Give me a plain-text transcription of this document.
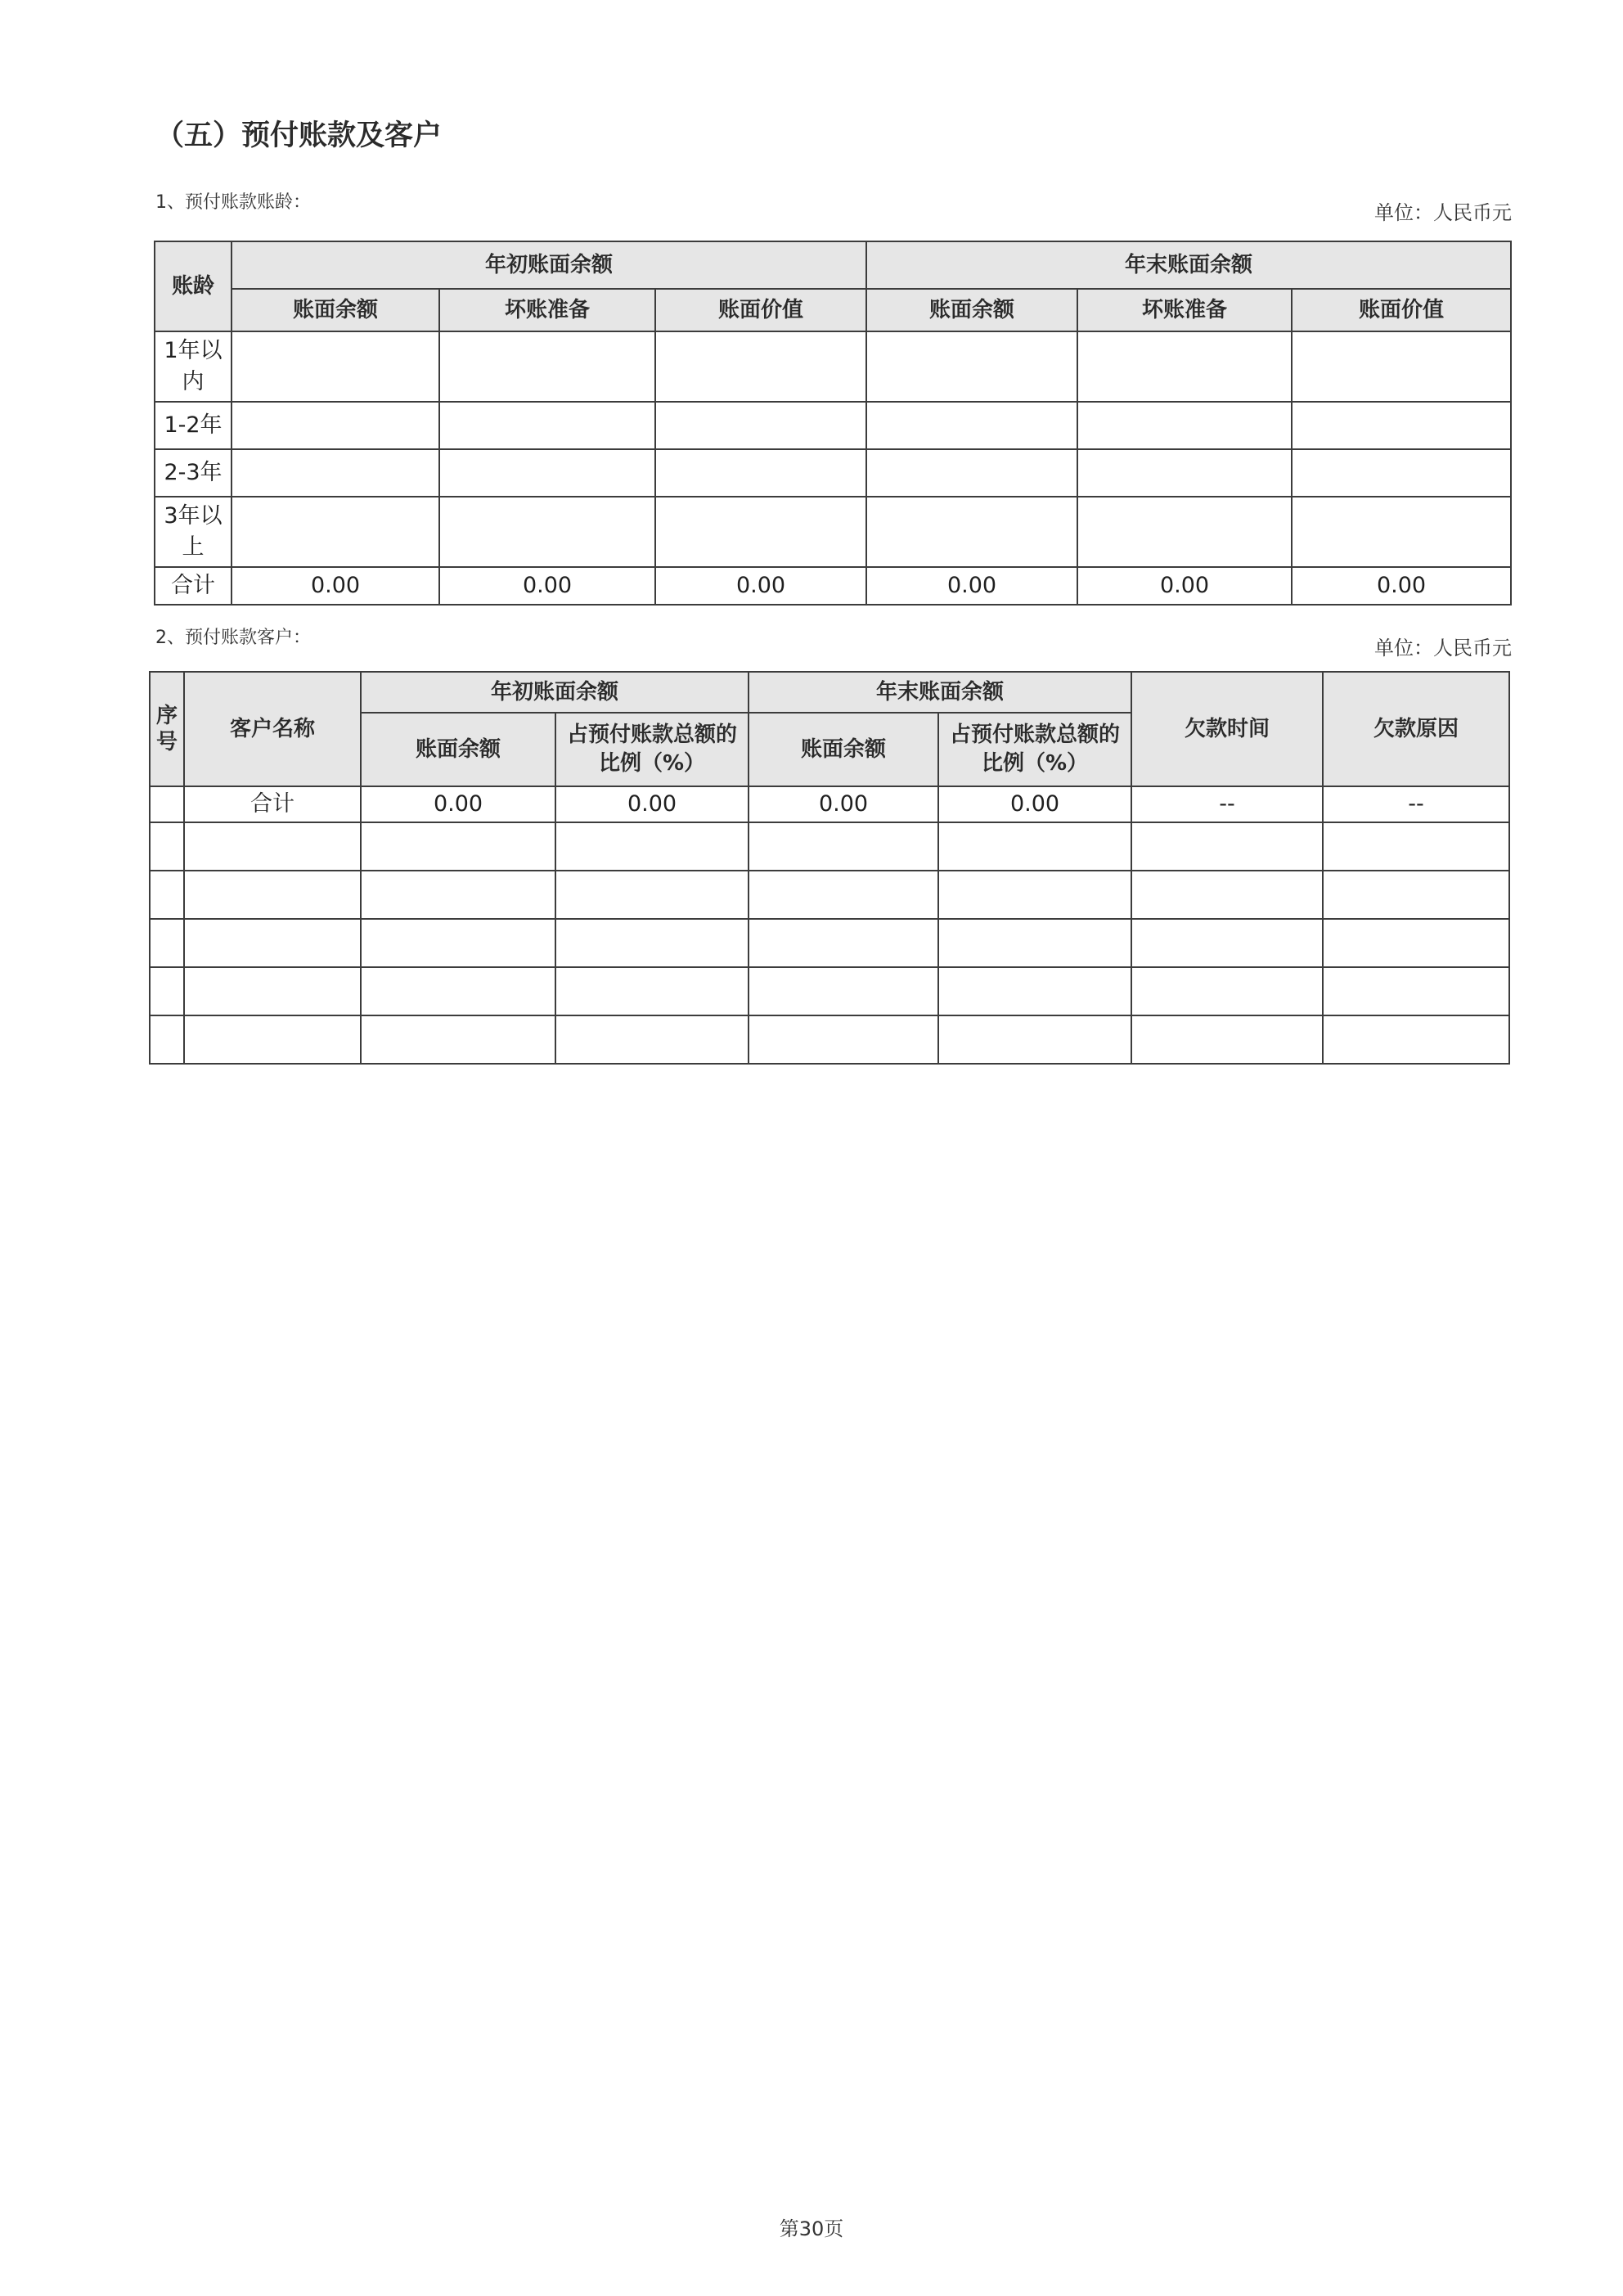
（五）预付账款及客户
1、预付账款账龄：	单位：人民币元
账龄	年初账面余额			年末账面余额		
	账面余额	坏账准备	账面价值	账面余额	坏账准备	账面价值
1年以内						
1-2年						
2-3年						
3年以上						
合计	0.00	0.00	0.00	0.00	0.00	0.00
2、预付账款客户：	单位：人民币元
序号	客户名称	年初账面余额		年末账面余额		欠款时间	欠款原因
		账面余额	占预付账款总额的比例（%）	账面余额	占预付账款总额的比例（%）		
	合计	0.00	0.00	0.00	0.00	--	--

第30页
